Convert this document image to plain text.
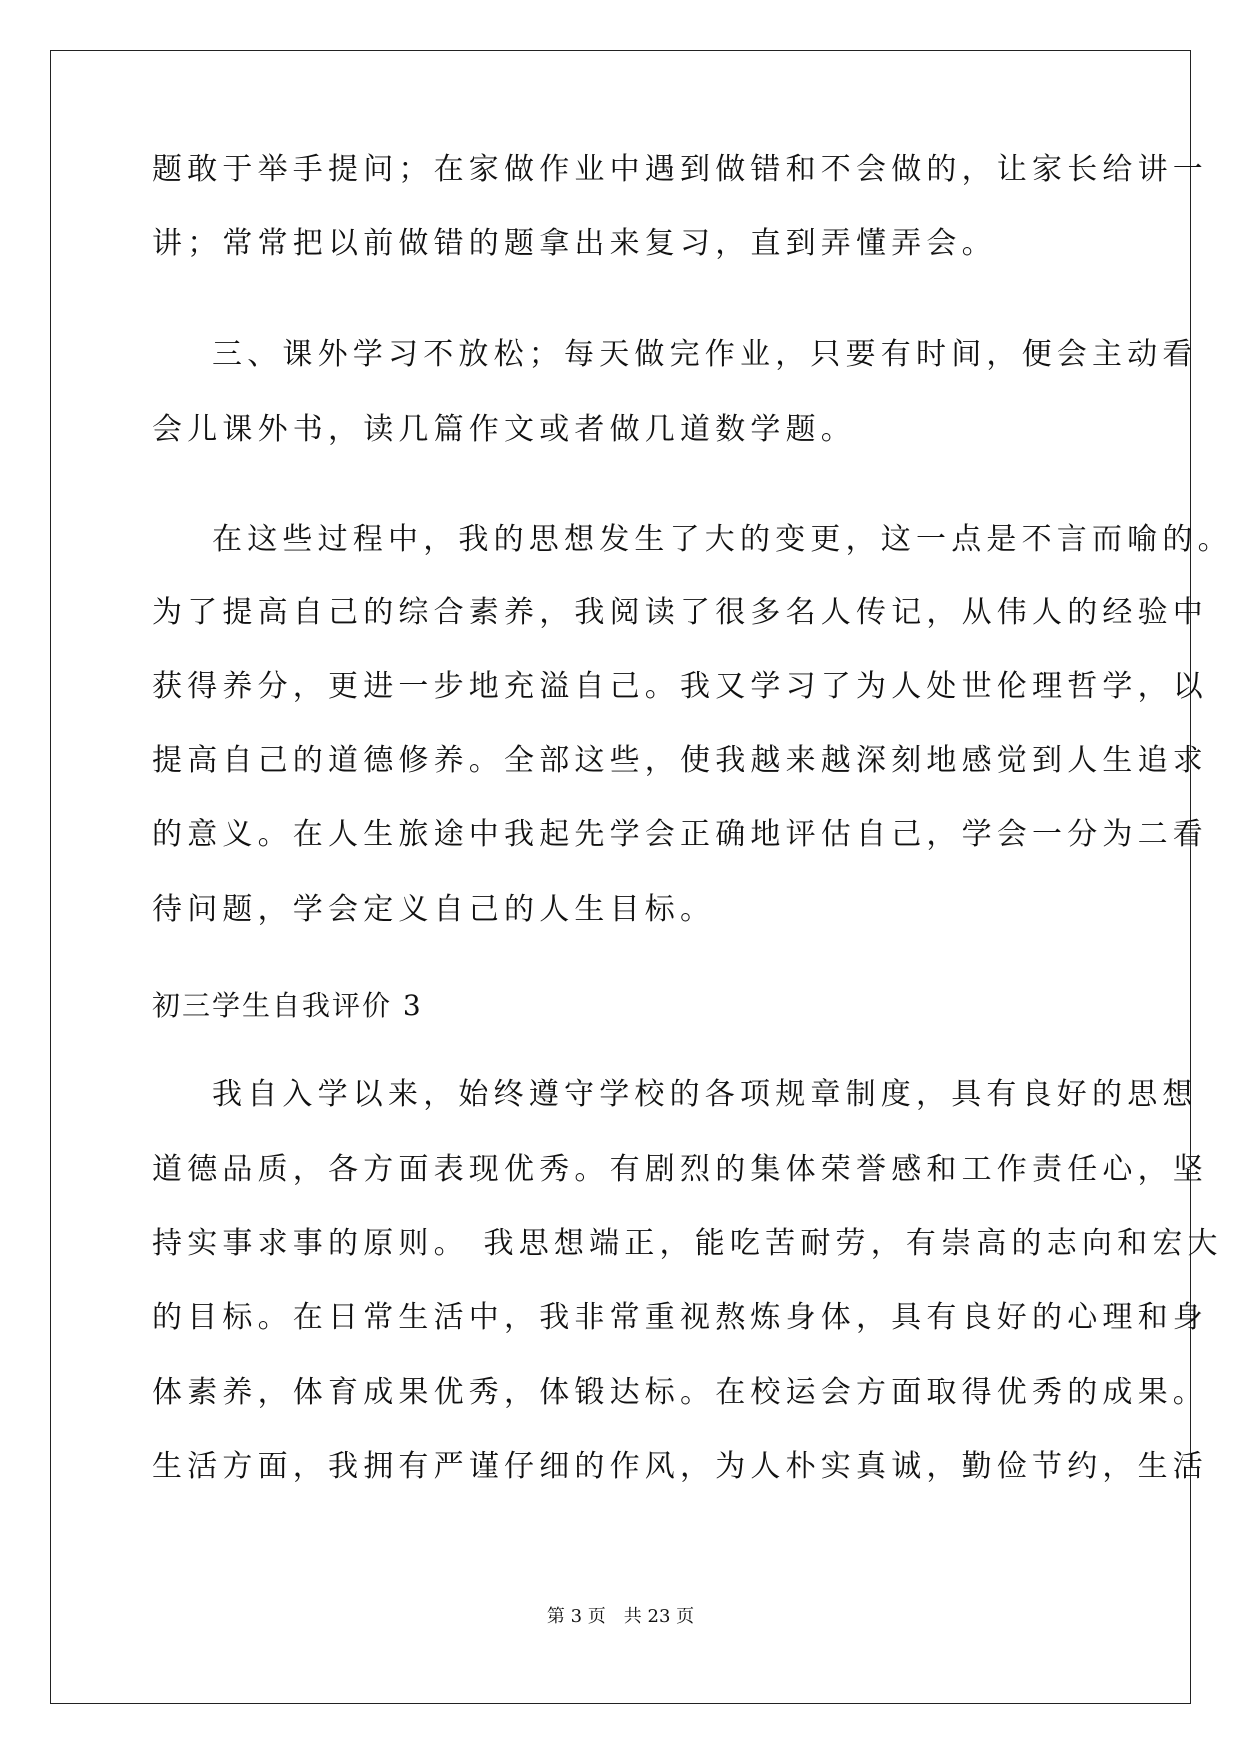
题敢于举手提问；在家做作业中遇到做错和不会做的，让家长给讲一
讲；常常把以前做错的题拿出来复习，直到弄懂弄会。
三、课外学习不放松；每天做完作业，只要有时间，便会主动看
会儿课外书，读几篇作文或者做几道数学题。
在这些过程中，我的思想发生了大的变更，这一点是不言而喻的。
为了提高自己的综合素养，我阅读了很多名人传记，从伟人的经验中
获得养分，更进一步地充溢自己。我又学习了为人处世伦理哲学，以
提高自己的道德修养。全部这些，使我越来越深刻地感觉到人生追求
的意义。在人生旅途中我起先学会正确地评估自己，学会一分为二看
待问题，学会定义自己的人生目标。
初三学生自我评价 3
我自入学以来，始终遵守学校的各项规章制度，具有良好的思想
道德品质，各方面表现优秀。有剧烈的集体荣誉感和工作责任心，坚
持实事求事的原则。 我思想端正，能吃苦耐劳，有崇高的志向和宏大
的目标。在日常生活中，我非常重视熬炼身体，具有良好的心理和身
体素养，体育成果优秀，体锻达标。在校运会方面取得优秀的成果。
生活方面，我拥有严谨仔细的作风，为人朴实真诚，勤俭节约，生活
第 3 页　共 23 页
